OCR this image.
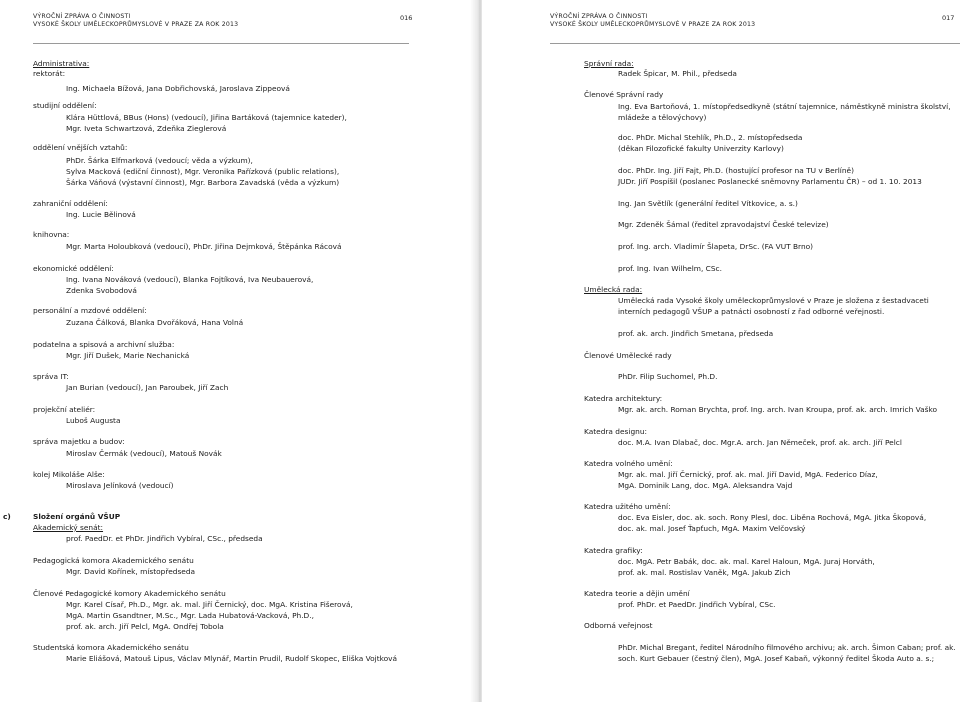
VÝROČNÍ ZPRÁVA O ČINNOSTI
VYSOKÉ ŠKOLY UMĚLECKOPRŮMYSLOVÉ V PRAZE ZA ROK 2013
016
Administrativa:
rektorát:
Ing. Michaela Bížová, Jana Dobřichovská, Jaroslava Zippeová
studijní oddělení:
Klára Hüttlová, BBus (Hons) (vedoucí), Jiřina Bartáková (tajemnice kateder),
Mgr. Iveta Schwartzová, Zdeňka Zieglerová
oddělení vnějších vztahů:
PhDr. Šárka Elfmarková (vedoucí; věda a výzkum),
Sylva Macková (ediční činnost), Mgr. Veronika Pařízková (public relations),
Šárka Váňová (výstavní činnost), Mgr. Barbora Zavadská (věda a výzkum)
zahraniční oddělení:
Ing. Lucie Bělinová
knihovna:
Mgr. Marta Holoubková (vedoucí), PhDr. Jiřina Dejmková, Štěpánka Rácová
ekonomické oddělení:
Ing. Ivana Nováková (vedoucí), Blanka Fojtíková, Iva Neubauerová,
Zdenka Svobodová
personální a mzdové oddělení:
Zuzana Čálková, Blanka Dvořáková, Hana Volná
podatelna a spisová a archivní služba:
Mgr. Jiří Dušek, Marie Nechanická
správa IT:
Jan Burian (vedoucí), Jan Paroubek, Jiří Zach
projekční ateliér:
Luboš Augusta
správa majetku a budov:
Miroslav Čermák (vedoucí), Matouš Novák
kolej Mikoláše Alše:
Miroslava Jelínková (vedoucí)
c)	Složení orgánů VŠUP
Akademický senát:
prof. PaedDr. et PhDr. Jindřich Vybíral, CSc., předseda
Pedagogická komora Akademického senátu
Mgr. David Kořínek, místopředseda
Členové Pedagogické komory Akademického senátu
Mgr. Karel Císař, Ph.D., Mgr. ak. mal. Jiří Černický, doc. MgA. Kristina Fišerová,
MgA. Martin Gsandtner, M.Sc., Mgr. Lada Hubatová-Vacková, Ph.D.,
prof. ak. arch. Jiří Pelcl, MgA. Ondřej Tobola
Studentská komora Akademického senátu
Marie Eliášová, Matouš Lipus, Václav Mlynář, Martin Prudil, Rudolf Skopec, Eliška Vojtková
VÝROČNÍ ZPRÁVA O ČINNOSTI
VYSOKÉ ŠKOLY UMĚLECKOPRŮMYSLOVÉ V PRAZE ZA ROK 2013
017
Správní rada:
Radek Špicar, M. Phil., předseda
Členové Správní rady
Ing. Eva Bartoňová, 1. místopředsedkyně (státní tajemnice, náměstkyně ministra školství,
mládeže a tělovýchovy)
doc. PhDr. Michal Stehlík, Ph.D., 2. místopředseda
(děkan Filozofické fakulty Univerzity Karlovy)
doc. PhDr. Ing. Jiří Fajt, Ph.D. (hostující profesor na TU v Berlíně)
JUDr. Jiří Pospíšil (poslanec Poslanecké sněmovny Parlamentu ČR) – od 1. 10. 2013
Ing. Jan Světlík (generální ředitel Vítkovice, a. s.)
Mgr. Zdeněk Šámal (ředitel zpravodajství České televize)
prof. Ing. arch. Vladimír Šlapeta, DrSc. (FA VUT Brno)
prof. Ing. Ivan Wilhelm, CSc.
Umělecká rada:
Umělecká rada Vysoké školy uměleckoprůmyslové v Praze je složena z šestadvaceti
interních pedagogů VŠUP a patnácti osobností z řad odborné veřejnosti.
prof. ak. arch. Jindřich Smetana, předseda
Členové Umělecké rady
PhDr. Filip Suchomel, Ph.D.
Katedra architektury:
Mgr. ak. arch. Roman Brychta, prof. Ing. arch. Ivan Kroupa, prof. ak. arch. Imrich Vaško
Katedra designu:
doc. M.A. Ivan Dlabač, doc. Mgr.A. arch. Jan Němeček, prof. ak. arch. Jiří Pelcl
Katedra volného umění:
Mgr. ak. mal. Jiří Černický, prof. ak. mal. Jiří David, MgA. Federico Díaz,
MgA. Dominik Lang, doc. MgA. Aleksandra Vajd
Katedra užitého umění:
doc. Eva Eisler, doc. ak. soch. Rony Plesl, doc. Liběna Rochová, MgA. Jitka Škopová,
doc. ak. mal. Josef Ťapťuch, MgA. Maxim Velčovský
Katedra grafiky:
doc. MgA. Petr Babák, doc. ak. mal. Karel Haloun, MgA. Juraj Horváth,
prof. ak. mal. Rostislav Vaněk, MgA. Jakub Zich
Katedra teorie a dějin umění
prof. PhDr. et PaedDr. Jindřich Vybíral, CSc.
Odborná veřejnost
PhDr. Michal Bregant, ředitel Národního filmového archivu; ak. arch. Šimon Caban; prof. ak.
soch. Kurt Gebauer (čestný člen), MgA. Josef Kabaň, výkonný ředitel Škoda Auto a. s.;
